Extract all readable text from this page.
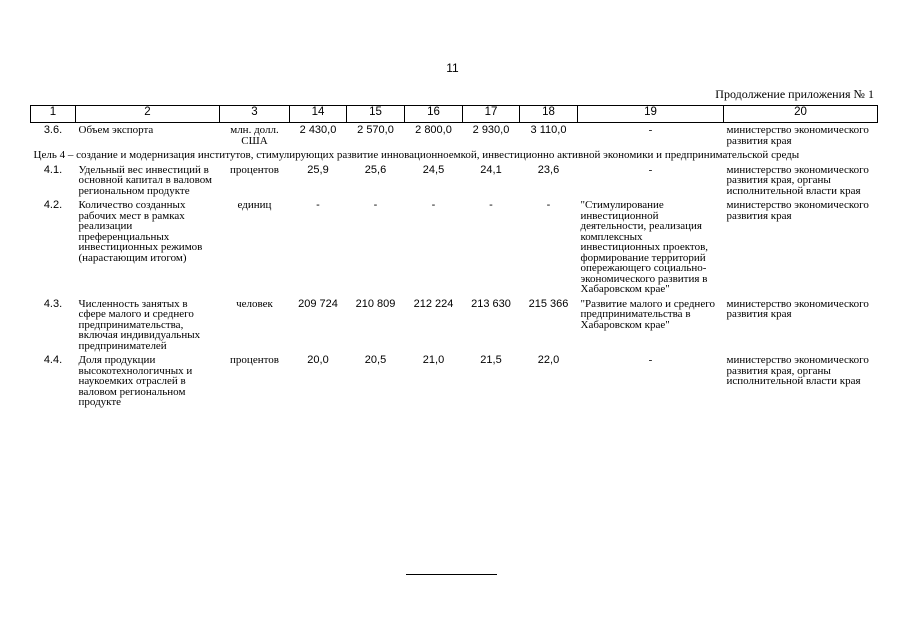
11
Продолжение приложения № 1
1	2	3	14	15	16	17	18	19	20
3.6.	Объем экспорта	млн. долл. США	2 430,0	2 570,0	2 800,0	2 930,0	3 110,0	-	министерство экономического развития края

Цель 4 – создание и модернизация институтов, стимулирующих развитие инновационноемкой, инвестиционно активной экономики и предпринимательской среды									

4.1.	Удельный вес инвестиций в основной капитал в валовом региональном продукте	процентов	25,9	25,6	24,5	24,1	23,6	-	министерство экономического развития края, органы исполнительной власти края
4.2.	Количество созданных рабочих мест в рамках реализации преференциальных инвестиционных режимов (нарастающим итогом)	единиц	-	-	-	-	-	"Стимулирование инвестиционной деятельности, реализация комплексных инвестиционных проектов, формирование территорий опережающего социально-экономического развития в Хабаровском крае"	министерство экономического развития края
4.3.	Численность занятых в сфере малого и среднего предпринимательства, включая индивидуальных предпринимателей	человек	209 724	210 809	212 224	213 630	215 366	"Развитие малого и среднего предпринимательства в Хабаровском крае"	министерство экономического развития края
4.4.	Доля продукции высокотехнологичных и наукоемких отраслей в валовом региональном продукте	процентов	20,0	20,5	21,0	21,5	22,0	-	министерство экономического развития края, органы исполнительной власти края
